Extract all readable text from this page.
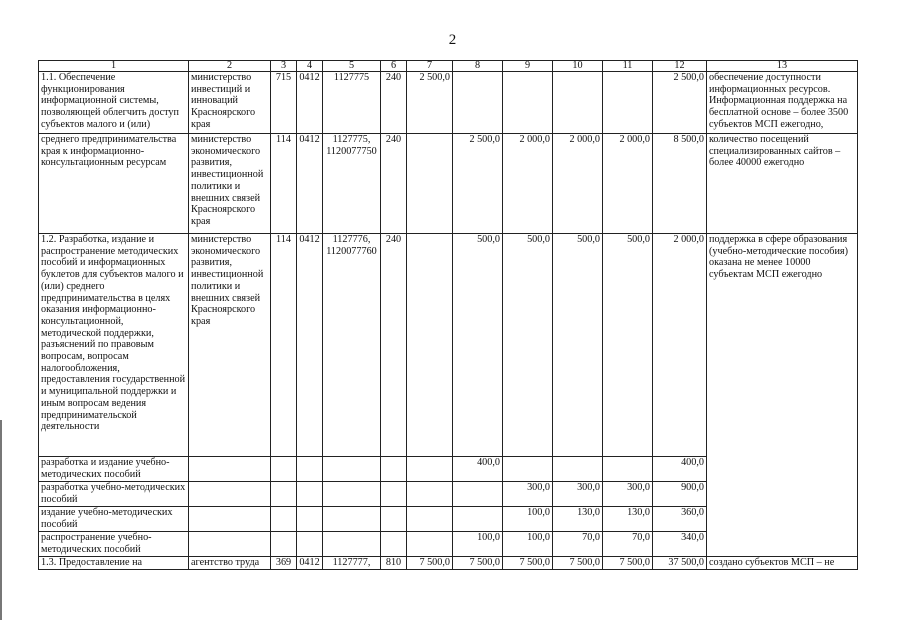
2
1	2	3	4	5	6	7	8	9	10	11	12	13
1.1. Обеспечение функционирования информационной системы, позволяющей облегчить доступ субъектов малого и (или)	министерство инвестиций и инноваций Красноярского края	715	0412	1127775	240	2 500,0					2 500,0	обеспечение доступности информационных ресурсов. Информационная поддержка на бесплатной основе – более 3500 субъектов МСП ежегодно,
среднего предпринимательства края к информационно-консультационным ресурсам	министерство экономического развития, инвестиционной политики и внешних связей Красноярского края	114	0412	1127775, 1120077750	240		2 500,0	2 000,0	2 000,0	2 000,0	8 500,0	количество посещений специализированных сайтов – более 40000 ежегодно
1.2. Разработка, издание и распространение методических пособий и информационных буклетов для субъектов малого и (или) среднего предпринимательства в целях оказания информационно-консультационной, методической поддержки, разъяснений по правовым вопросам, вопросам налогообложения, предоставления государственной и муниципальной поддержки и иным вопросам ведения предпринимательской деятельности	министерство экономического развития, инвестиционной политики и внешних связей Красноярского края	114	0412	1127776, 1120077760	240		500,0	500,0	500,0	500,0	2 000,0	поддержка в сфере образования (учебно-методические пособия) оказана не менее 10000 субъектам МСП ежегодно
разработка и издание учебно-методических пособий							400,0				400,0	
разработка учебно-методических пособий								300,0	300,0	300,0	900,0	
издание учебно-методических пособий								100,0	130,0	130,0	360,0	
распространение учебно-методических пособий							100,0	100,0	70,0	70,0	340,0	
1.3. Предоставление на	агентство труда	369	0412	1127777,	810	7 500,0	7 500,0	7 500,0	7 500,0	7 500,0	37 500,0	создано субъектов МСП – не
